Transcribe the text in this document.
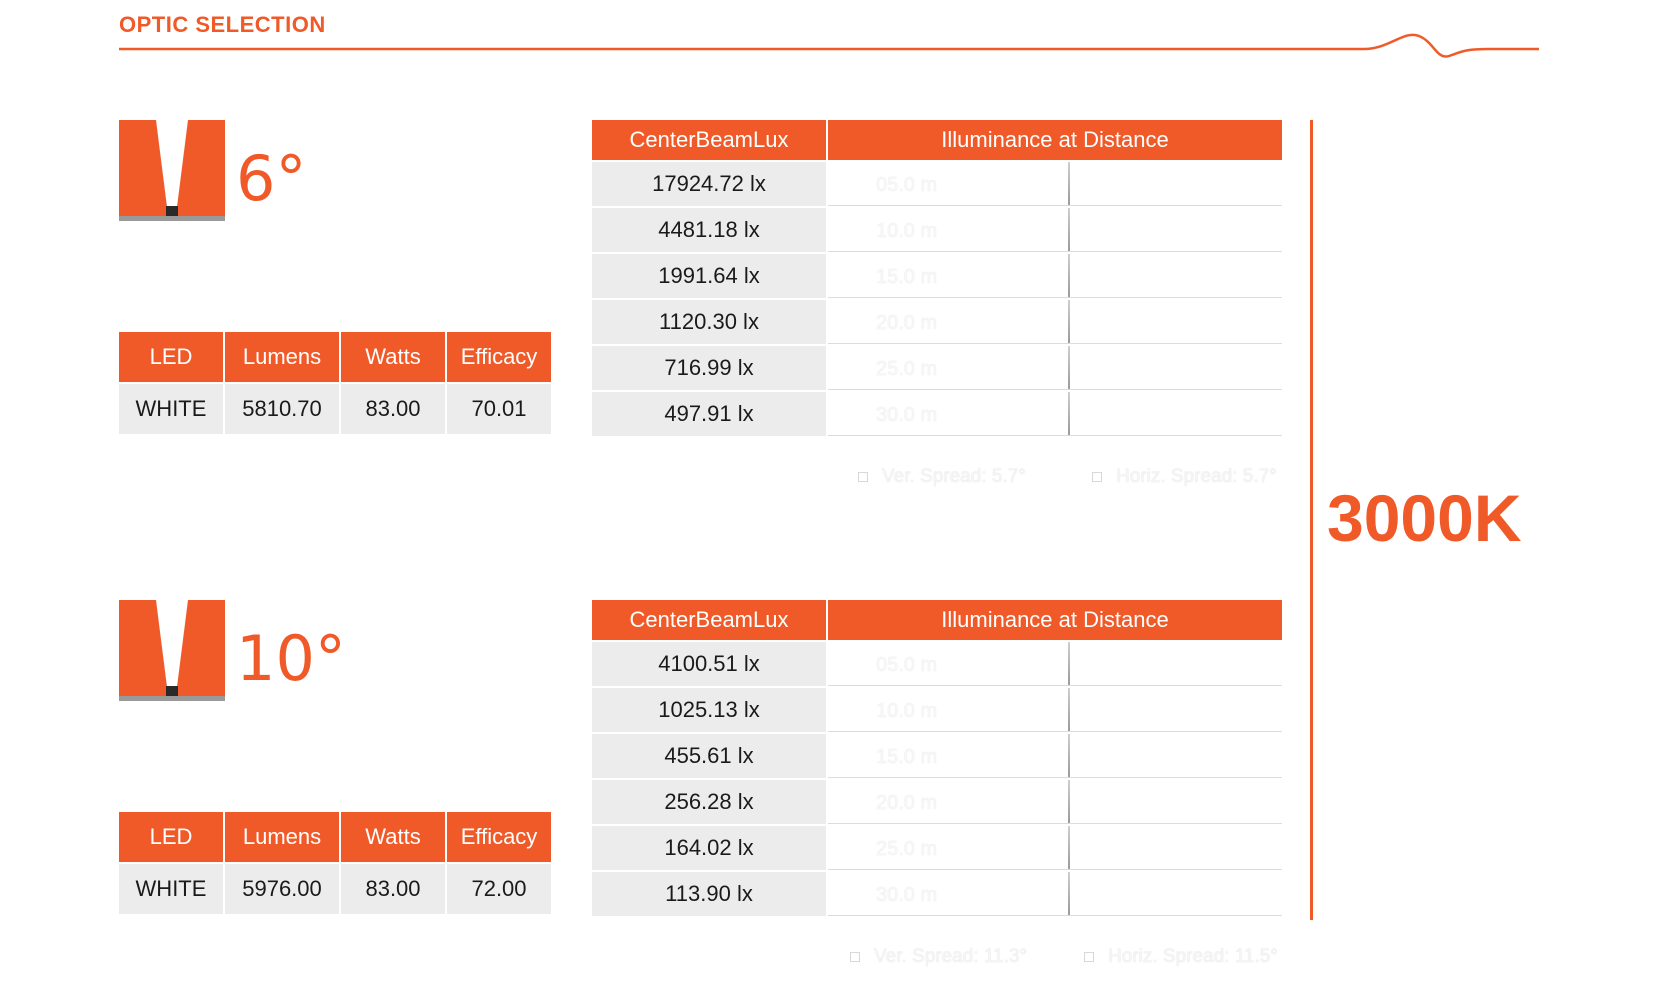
OPTIC SELECTION
6°
LED	Lumens	Watts	Efficacy
WHITE	5810.70	83.00	70.01
CenterBeamLux	Illuminance at Distance
17924.72 lx	05.0 m
4481.18 lx	10.0 m
1991.64 lx	15.0 m
1120.30 lx	20.0 m
716.99 lx	25.0 m
497.91 lx	30.0 m
Ver. Spread: 5.7°	Horiz. Spread: 5.7°
10°
LED	Lumens	Watts	Efficacy
WHITE	5976.00	83.00	72.00
CenterBeamLux	Illuminance at Distance
4100.51 lx	05.0 m
1025.13 lx	10.0 m
455.61 lx	15.0 m
256.28 lx	20.0 m
164.02 lx	25.0 m
113.90 lx	30.0 m
Ver. Spread: 11.3°	Horiz. Spread: 11.5°
3000K
